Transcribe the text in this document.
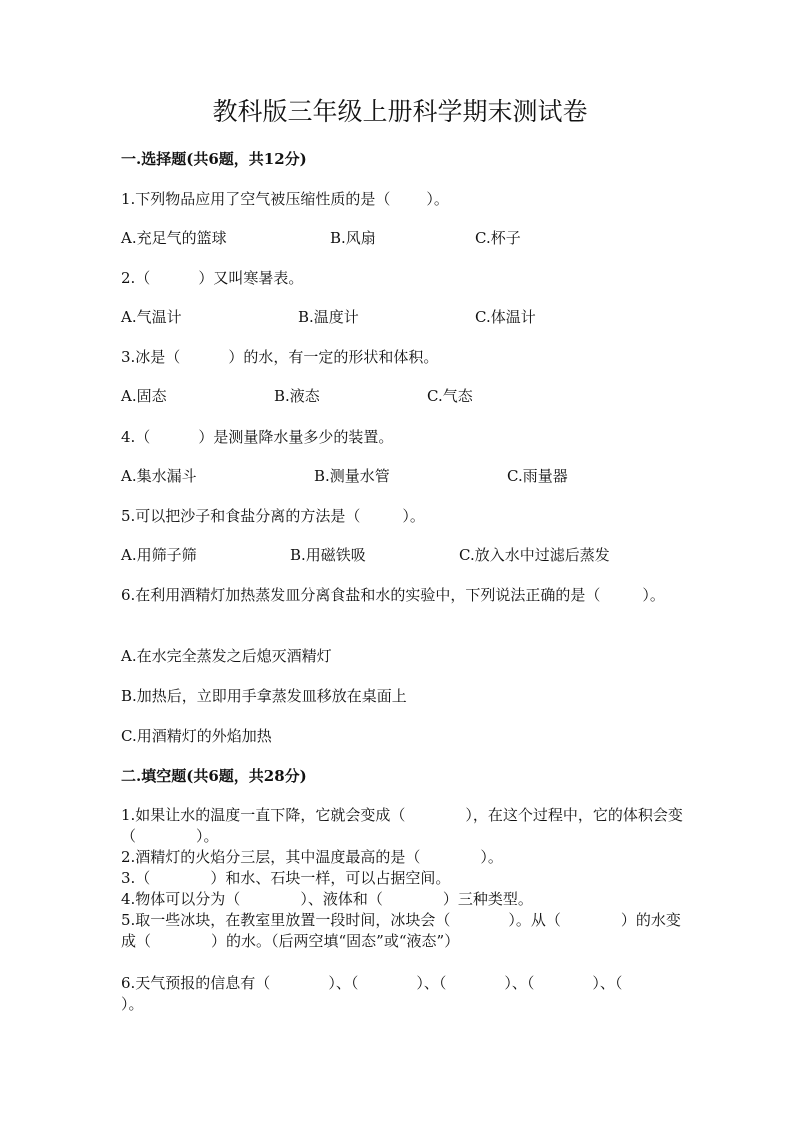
教科版三年级上册科学期末测试卷
一.选择题(共6题，共12分)
1.下列物品应用了空气被压缩性质的是（ ）。
A.充足气的篮球	B.风扇	C.杯子
2.（	）又叫寒暑表。
A.气温计	B.温度计	C.体温计
3.冰是（	）的水，有一定的形状和体积。
A.固态	B.液态	C.气态
4.（	）是测量降水量多少的装置。
A.集水漏斗	B.测量水管	C.雨量器
5.可以把沙子和食盐分离的方法是（	）。
A.用筛子筛	B.用磁铁吸	C.放入水中过滤后蒸发
6.在利用酒精灯加热蒸发皿分离食盐和水的实验中，下列说法正确的是（	）。
A.在水完全蒸发之后熄灭酒精灯
B.加热后，立即用手拿蒸发皿移放在桌面上
C.用酒精灯的外焰加热
二.填空题(共6题，共28分)
1.如果让水的温度一直下降，它就会变成（	），在这个过程中，它的体积会变（	）。
2.酒精灯的火焰分三层，其中温度最高的是（	）。
3.（	）和水、石块一样，可以占据空间。
4.物体可以分为（	）、液体和（	）三种类型。
5.取一些冰块，在教室里放置一段时间，冰块会（	）。从（	）的水变成（	）的水。（后两空填“固态”或“液态”）
6.天气预报的信息有（	）、（	）、（	）、（	）、（）。
